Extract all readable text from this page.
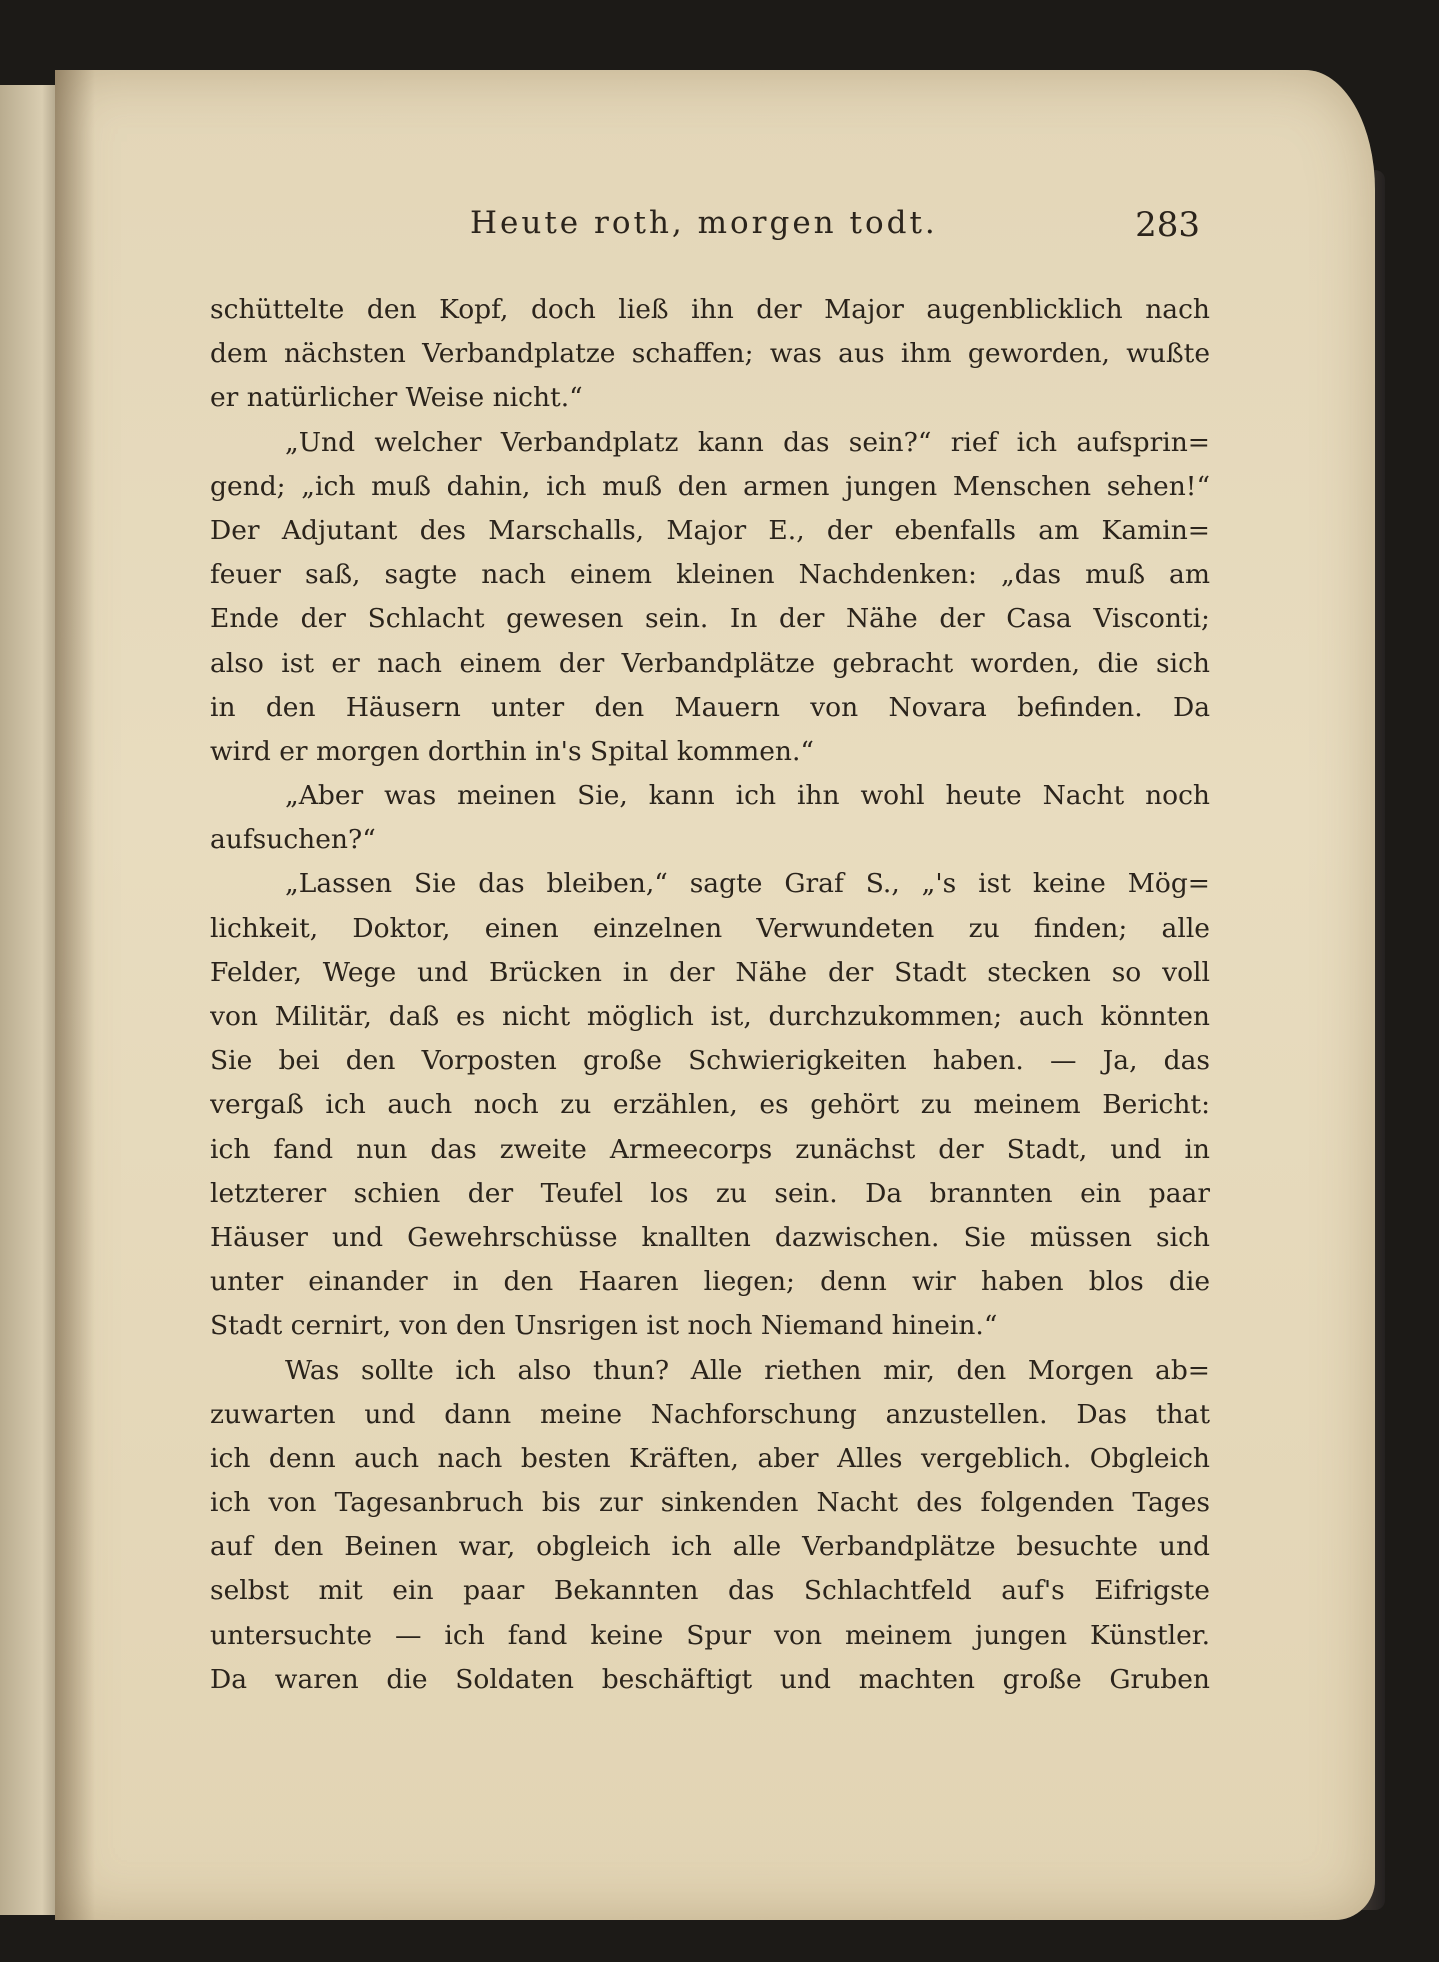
Heute roth, morgen todt.	283
schüttelte den Kopf, doch ließ ihn der Major augenblicklich nach
dem nächsten Verbandplatze schaffen; was aus ihm geworden, wußte
er natürlicher Weise nicht.“
„Und welcher Verbandplatz kann das sein?“ rief ich aufsprin=
gend; „ich muß dahin, ich muß den armen jungen Menschen sehen!“
Der Adjutant des Marschalls, Major E., der ebenfalls am Kamin=
feuer saß, sagte nach einem kleinen Nachdenken: „das muß am
Ende der Schlacht gewesen sein. In der Nähe der Casa Visconti;
also ist er nach einem der Verbandplätze gebracht worden, die sich
in den Häusern unter den Mauern von Novara befinden. Da
wird er morgen dorthin in's Spital kommen.“
„Aber was meinen Sie, kann ich ihn wohl heute Nacht noch
aufsuchen?“
„Lassen Sie das bleiben,“ sagte Graf S., „'s ist keine Mög=
lichkeit, Doktor, einen einzelnen Verwundeten zu finden; alle
Felder, Wege und Brücken in der Nähe der Stadt stecken so voll
von Militär, daß es nicht möglich ist, durchzukommen; auch könnten
Sie bei den Vorposten große Schwierigkeiten haben. — Ja, das
vergaß ich auch noch zu erzählen, es gehört zu meinem Bericht:
ich fand nun das zweite Armeecorps zunächst der Stadt, und in
letzterer schien der Teufel los zu sein. Da brannten ein paar
Häuser und Gewehrschüsse knallten dazwischen. Sie müssen sich
unter einander in den Haaren liegen; denn wir haben blos die
Stadt cernirt, von den Unsrigen ist noch Niemand hinein.“
Was sollte ich also thun? Alle riethen mir, den Morgen ab=
zuwarten und dann meine Nachforschung anzustellen. Das that
ich denn auch nach besten Kräften, aber Alles vergeblich. Obgleich
ich von Tagesanbruch bis zur sinkenden Nacht des folgenden Tages
auf den Beinen war, obgleich ich alle Verbandplätze besuchte und
selbst mit ein paar Bekannten das Schlachtfeld auf's Eifrigste
untersuchte — ich fand keine Spur von meinem jungen Künstler.
Da waren die Soldaten beschäftigt und machten große Gruben
